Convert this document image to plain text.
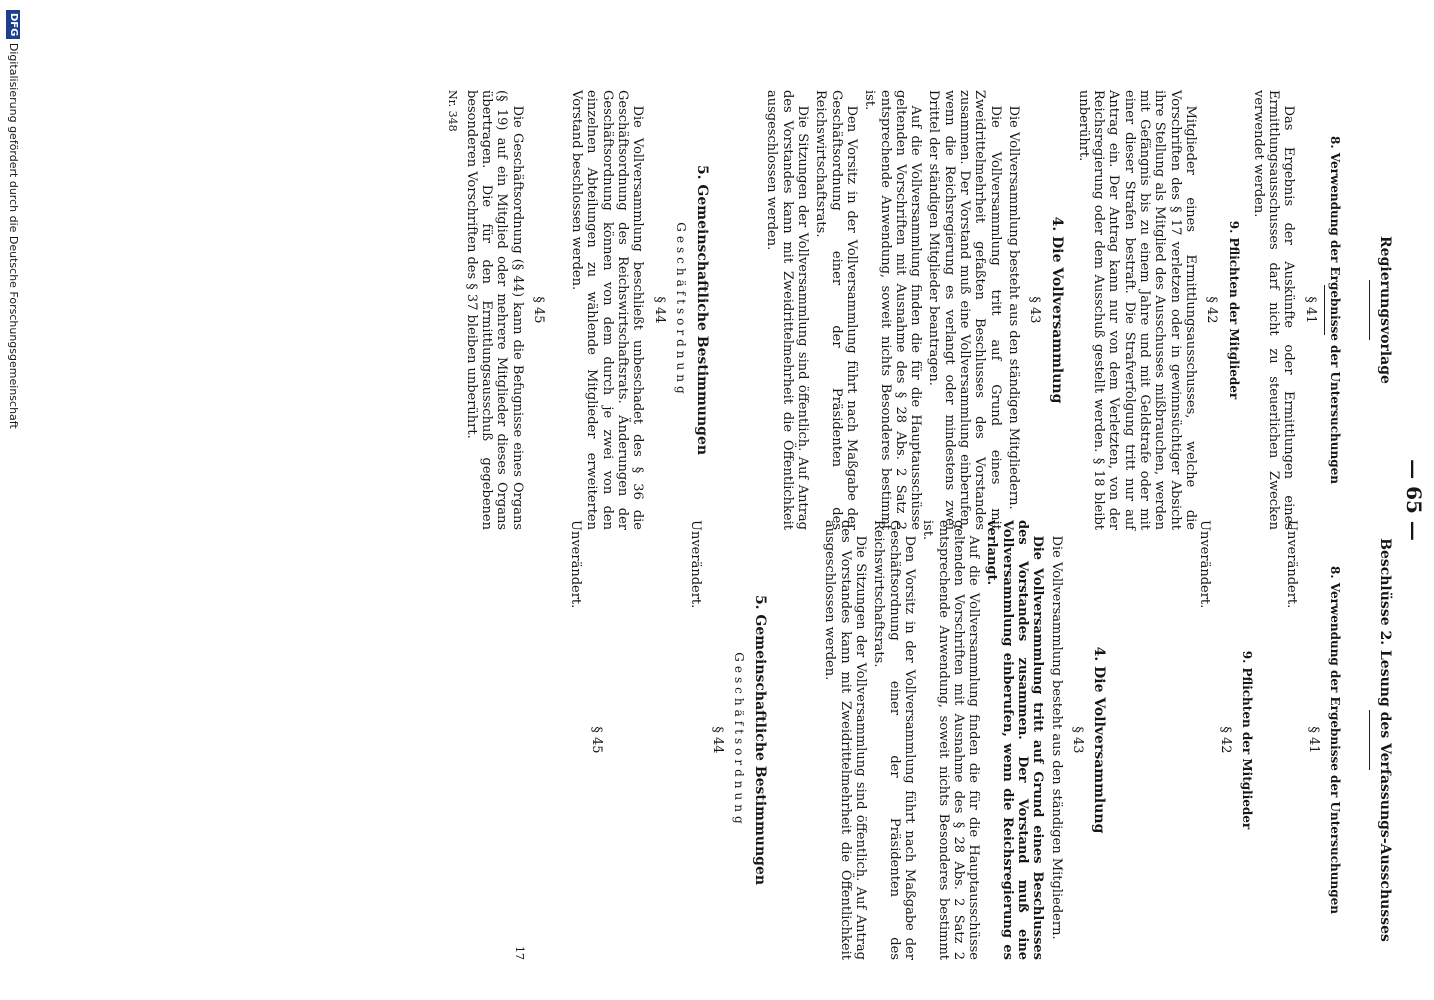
— 65 —
Regierungsvorlage
8. Verwendung der Ergebnisse der Untersuchungen
§ 41

Das Ergebnis der Auskünfte oder Ermittlungen eines Ermittlungsausschusses darf nicht zu steuerlichen Zwecken verwendet werden.

9. Pflichten der Mitglieder
§ 42

Mitglieder eines Ermittlungsausschusses, welche die Vorschriften des § 17 verletzen oder in gewinnsüchtiger Absicht ihre Stellung als Mitglied des Ausschusses mißbrauchen, werden mit Gefängnis bis zu einem Jahre und mit Geldstrafe oder mit einer dieser Strafen bestraft. Die Strafverfolgung tritt nur auf Antrag ein. Der Antrag kann nur von dem Verletzten, von der Reichsregierung oder dem Ausschuß gestellt werden. § 18 bleibt unberührt.

4. Die Vollversammlung
§ 43

Die Vollversammlung besteht aus den ständigen Mitgliedern.

Die Vollversammlung tritt auf Grund eines mit Zweidrittelmehrheit gefaßten Beschlusses des Vorstandes zusammen. Der Vorstand muß eine Vollversammlung einberufen, wenn die Reichsregierung es verlangt oder mindestens zwei Drittel der ständigen Mitglieder beantragen.

Auf die Vollversammlung finden die für die Hauptausschüsse geltenden Vorschriften mit Ausnahme des § 28 Abs. 2 Satz 2 entsprechende Anwendung, soweit nichts Besonderes bestimmt ist.

Den Vorsitz in der Vollversammlung führt nach Maßgabe der Geschäftsordnung einer der Präsidenten des Reichswirtschaftsrats.

Die Sitzungen der Vollversammlung sind öffentlich. Auf Antrag des Vorstandes kann mit Zweidrittelmehrheit die Öffentlichkeit ausgeschlossen werden.

5. Gemeinschaftliche Bestimmungen
Geschäftsordnung
§ 44

Die Vollversammlung beschließt unbeschadet des § 36 die Geschäftsordnung des Reichswirtschaftsrats. Änderungen der Geschäftsordnung können von dem durch je zwei von den einzelnen Abteilungen zu wählende Mitglieder erweiterten Vorstand beschlossen werden.

§ 45

Die Geschäftsordnung (§ 44) kann die Befugnisse eines Organs (§ 19) auf ein Mitglied oder mehrere Mitglieder dieses Organs übertragen. Die für den Ermittlungsausschuß gegebenen besonderen Vorschriften des § 37 bleiben unberührt.

Nr. 348
Beschlüsse 2. Lesung des Verfassungs-Ausschusses
8. Verwendung der Ergebnisse der Untersuchungen
§ 41

Unverändert.

9. Pflichten der Mitglieder
§ 42

Unverändert.

4. Die Vollversammlung
§ 43

Die Vollversammlung besteht aus den ständigen Mitgliedern.

Die Vollversammlung tritt auf Grund eines Beschlusses des Vorstandes zusammen. Der Vorstand muß eine Vollversammlung einberufen, wenn die Reichsregierung es verlangt.

Auf die Vollversammlung finden die für die Hauptausschüsse geltenden Vorschriften mit Ausnahme des § 28 Abs. 2 Satz 2 entsprechende Anwendung, soweit nichts Besonderes bestimmt ist.

Den Vorsitz in der Vollversammlung führt nach Maßgabe der Geschäftsordnung einer der Präsidenten des Reichswirtschaftsrats.

Die Sitzungen der Vollversammlung sind öffentlich. Auf Antrag des Vorstandes kann mit Zweidrittelmehrheit die Öffentlichkeit ausgeschlossen werden.

5. Gemeinschaftliche Bestimmungen
Geschäftsordnung
§ 44

Unverändert.

§ 45

Unverändert.

17
DFG Digitalisierung gefördert durch die Deutsche Forschungsgemeinschaft
